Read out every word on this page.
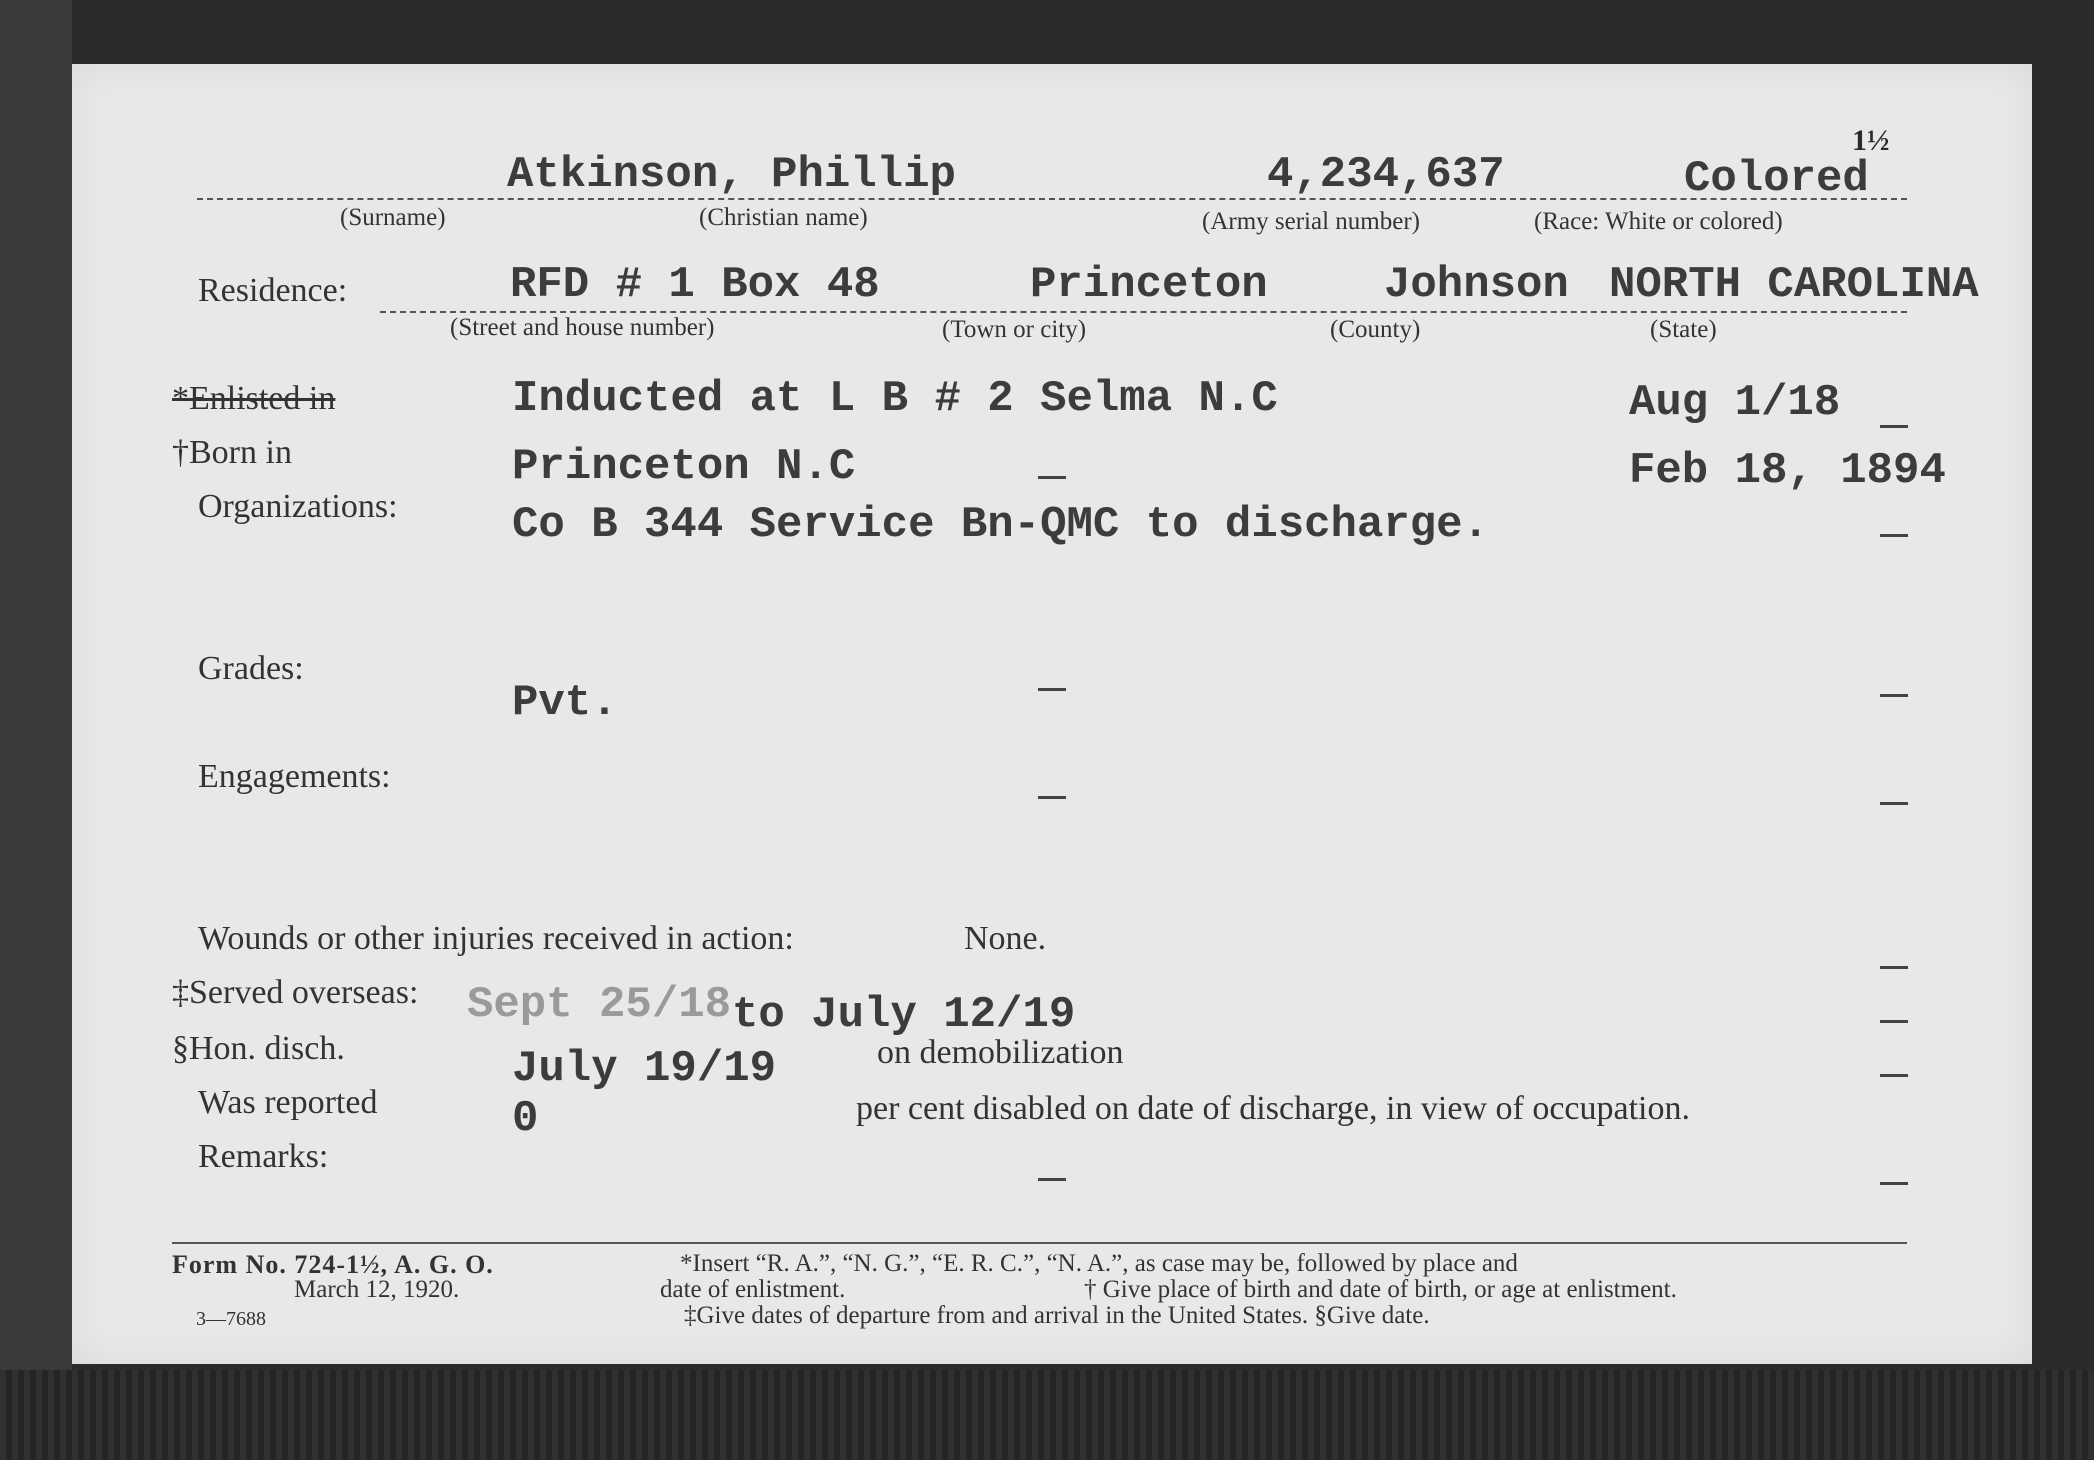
1½
Atkinson, Phillip	4,234,637	Colored
(Surname)	(Christian name)	(Army serial number)	(Race: White or colored)
Residence:	RFD # 1 Box 48	Princeton	Johnson NORTH CAROLINA
(Street and house number)	(Town or city)	(County)	(State)
*Enlisted in	Inducted at L B # 2 Selma N.C	Aug 1/18
†Born in	Princeton N.C	Feb 18, 1894
Organizations:	Co B 344 Service Bn-QMC to discharge.
Grades:
Pvt.
Engagements:
Wounds or other injuries received in action:	None.
‡Served overseas: Sept 25/18 to July 12/19
§Hon. disch.	July 19/19	on demobilization
Was reported	0	per cent disabled on date of discharge, in view of occupation.
Remarks:
Form No. 724-1½, A. G. O.
March 12, 1920.
3—7688
*Insert “R. A.”, “N. G.”, “E. R. C.”, “N. A.”, as case may be, followed by place and
date of enlistment.	† Give place of birth and date of birth, or age at enlistment.
‡Give dates of departure from and arrival in the United States. §Give date.
